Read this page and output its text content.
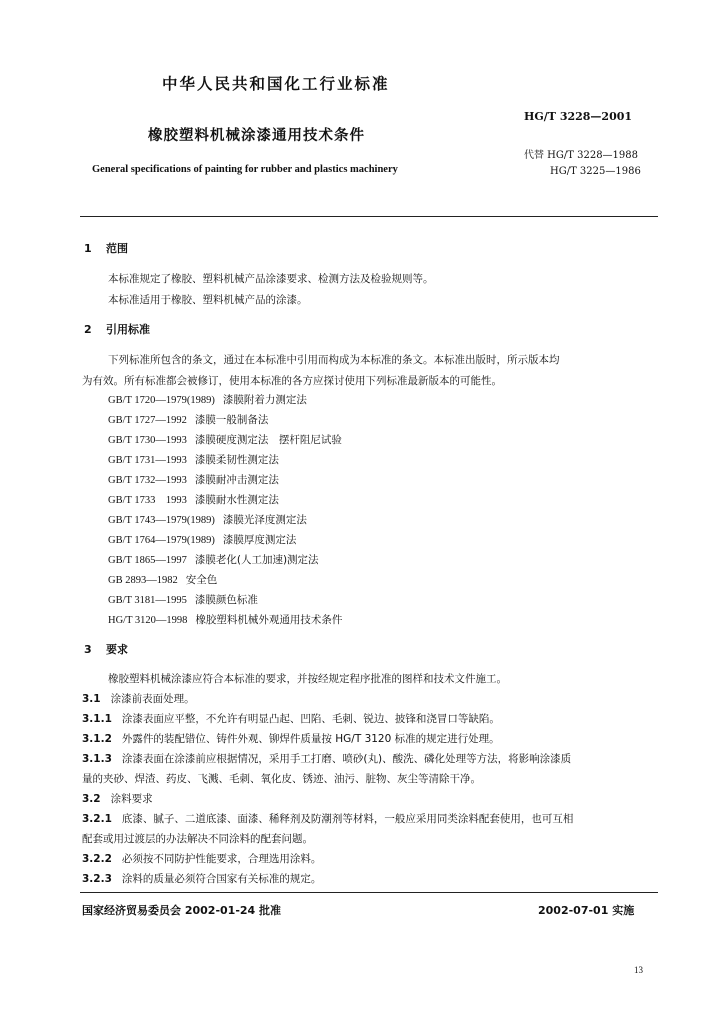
中华人民共和国化工行业标准
HG/T 3228—2001
橡胶塑料机械涂漆通用技术条件
代替 HG/T 3228—1988
HG/T 3225—1986
General specifications of painting for rubber and plastics machinery
1 范围
本标准规定了橡胶、塑料机械产品涂漆要求、检测方法及检验规则等。
本标准适用于橡胶、塑料机械产品的涂漆。
2 引用标准
下列标准所包含的条文，通过在本标准中引用而构成为本标准的条文。本标准出版时，所示版本均
为有效。所有标准都会被修订，使用本标准的各方应探讨使用下列标准最新版本的可能性。
GB/T 1720—1979(1989) 漆膜附着力测定法
GB/T 1727—1992 漆膜一般制备法
GB/T 1730—1993 漆膜硬度测定法　摆杆阻尼试验
GB/T 1731—1993 漆膜柔韧性测定法
GB/T 1732—1993 漆膜耐冲击测定法
GB/T 1733　1993 漆膜耐水性测定法
GB/T 1743—1979(1989) 漆膜光泽度测定法
GB/T 1764—1979(1989) 漆膜厚度测定法
GB/T 1865—1997 漆膜老化(人工加速)测定法
GB 2893—1982 安全色
GB/T 3181—1995 漆膜颜色标准
HG/T 3120—1998 橡胶塑料机械外观通用技术条件
3 要求
橡胶塑料机械涂漆应符合本标准的要求，并按经规定程序批准的图样和技术文件施工。
3.1 涂漆前表面处理。
3.1.1 涂漆表面应平整，不允许有明显凸起、凹陷、毛刺、锐边、披锋和浇冒口等缺陷。
3.1.2 外露件的装配错位、铸件外观、铆焊件质量按 HG/T 3120 标准的规定进行处理。
3.1.3 涂漆表面在涂漆前应根据情况，采用手工打磨、喷砂(丸)、酸洗、磷化处理等方法，将影响涂漆质
量的夹砂、焊渣、药皮、飞溅、毛刺、氧化皮、锈迹、油污、脏物、灰尘等清除干净。
3.2 涂料要求
3.2.1 底漆、腻子、二道底漆、面漆、稀释剂及防潮剂等材料，一般应采用同类涂料配套使用，也可互相
配套或用过渡层的办法解决不同涂料的配套问题。
3.2.2 必须按不同防护性能要求，合理选用涂料。
3.2.3 涂料的质量必须符合国家有关标准的规定。
国家经济贸易委员会 2002-01-24 批准	2002-07-01 实施
13
